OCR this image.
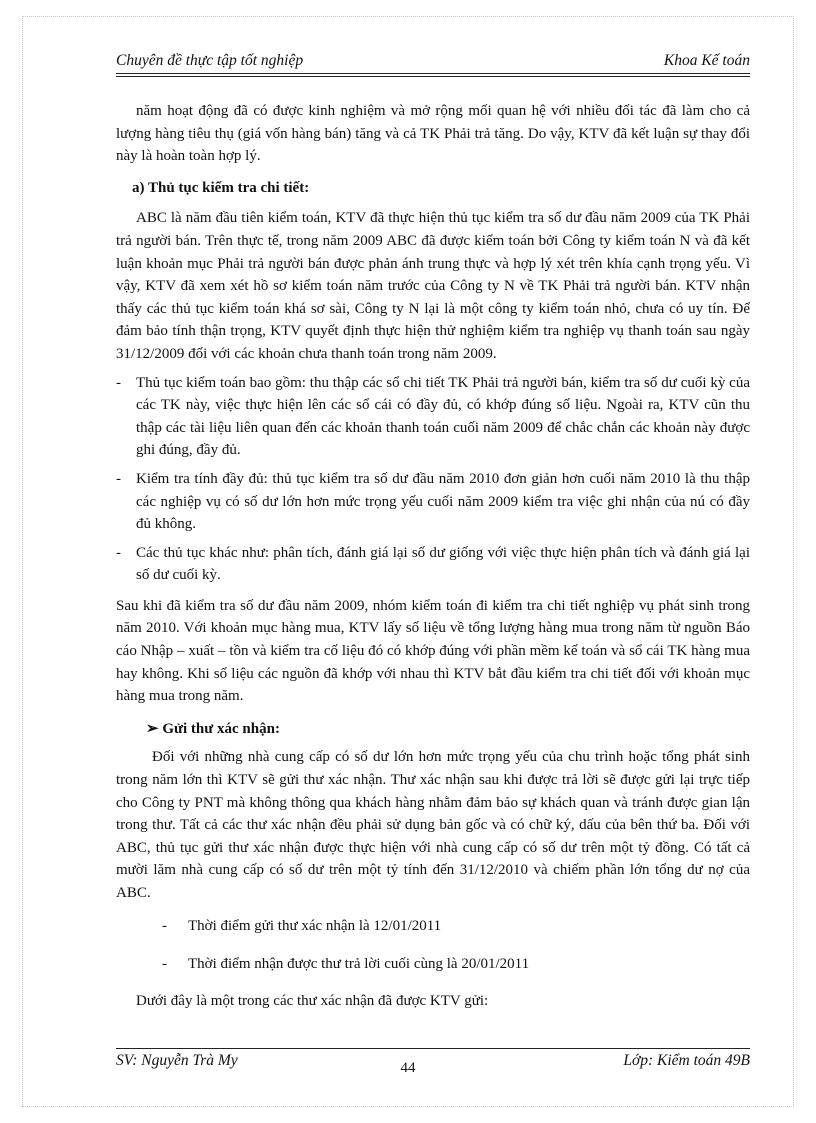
Chuyên đề thực tập tốt nghiệp	Khoa Kế toán

năm hoạt động đã có được kinh nghiệm và mở rộng mối quan hệ với nhiều đối tác đã làm cho cả lượng hàng tiêu thụ (giá vốn hàng bán) tăng và cả TK Phải trả tăng. Do vậy, KTV đã kết luận sự thay đổi này là hoàn toàn hợp lý.

a) Thủ tục kiểm tra chi tiết:

ABC là năm đầu tiên kiểm toán, KTV đã thực hiện thủ tục kiểm tra số dư đầu năm 2009 của TK Phải trả người bán. Trên thực tế, trong năm 2009 ABC đã được kiểm toán bởi Công ty kiểm toán N và đã kết luận khoản mục Phải trả người bán được phản ánh trung thực và hợp lý xét trên khía cạnh trọng yếu. Vì vậy, KTV đã xem xét hồ sơ kiểm toán năm trước của Công ty N về TK Phải trả người bán. KTV nhận thấy các thủ tục kiểm toán khá sơ sài, Công ty N lại là một công ty kiểm toán nhỏ, chưa có uy tín. Để đảm bảo tính thận trọng, KTV quyết định thực hiện thử nghiệm kiểm tra nghiệp vụ thanh toán sau ngày 31/12/2009 đối với các khoản chưa thanh toán trong năm 2009.

-	Thủ tục kiểm toán bao gồm: thu thập các sổ chi tiết TK Phải trả người bán, kiểm tra số dư cuối kỳ của các TK này, việc thực hiện lên các sổ cái có đầy đủ, có khớp đúng số liệu. Ngoài ra, KTV cũn thu thập các tài liệu liên quan đến các khoản thanh toán cuối năm 2009 để chắc chắn các khoản này được ghi đúng, đầy đủ.

-	Kiểm tra tính đầy đủ: thủ tục kiểm tra số dư đầu năm 2010 đơn giản hơn cuối năm 2010 là thu thập các nghiệp vụ có số dư lớn hơn mức trọng yếu cuối năm 2009 kiểm tra việc ghi nhận của nú có đầy đủ không.

-	Các thủ tục khác như: phân tích, đánh giá lại số dư giống với việc thực hiện phân tích và đánh giá lại số dư cuối kỳ.

Sau khi đã kiểm tra số dư đầu năm 2009, nhóm kiểm toán đi kiểm tra chi tiết nghiệp vụ phát sinh trong năm 2010. Với khoản mục hàng mua, KTV lấy số liệu về tổng lượng hàng mua trong năm từ nguồn Báo cáo Nhập – xuất – tồn và kiểm tra cố liệu đó có khớp đúng với phần mềm kế toán và sổ cái TK hàng mua hay không. Khi số liệu các nguồn đã khớp với nhau thì KTV bắt đầu kiểm tra chi tiết đối với khoản mục hàng mua trong năm.

➢ Gửi thư xác nhận:

Đối với những nhà cung cấp có số dư lớn hơn mức trọng yếu của chu trình hoặc tổng phát sinh trong năm lớn thì KTV sẽ gửi thư xác nhận. Thư xác nhận sau khi được trả lời sẽ được gửi lại trực tiếp cho Công ty PNT mà không thông qua khách hàng nhằm đảm bảo sự khách quan và tránh được gian lận trong thư. Tất cả các thư xác nhận đều phải sử dụng bản gốc và có chữ ký, dấu của bên thứ ba. Đối với ABC, thủ tục gửi thư xác nhận được thực hiện với nhà cung cấp có số dư trên một tỷ đồng. Có tất cả mười lăm nhà cung cấp có số dư trên một tỷ tính đến 31/12/2010 và chiếm phần lớn tổng dư nợ của ABC.

-	Thời điểm gửi thư xác nhận là 12/01/2011

-	Thời điểm nhận được thư trả lời cuối cùng là 20/01/2011

Dưới đây là một trong các thư xác nhận đã được KTV gửi:

SV: Nguyễn Trà My	Lớp: Kiểm toán 49B
44
